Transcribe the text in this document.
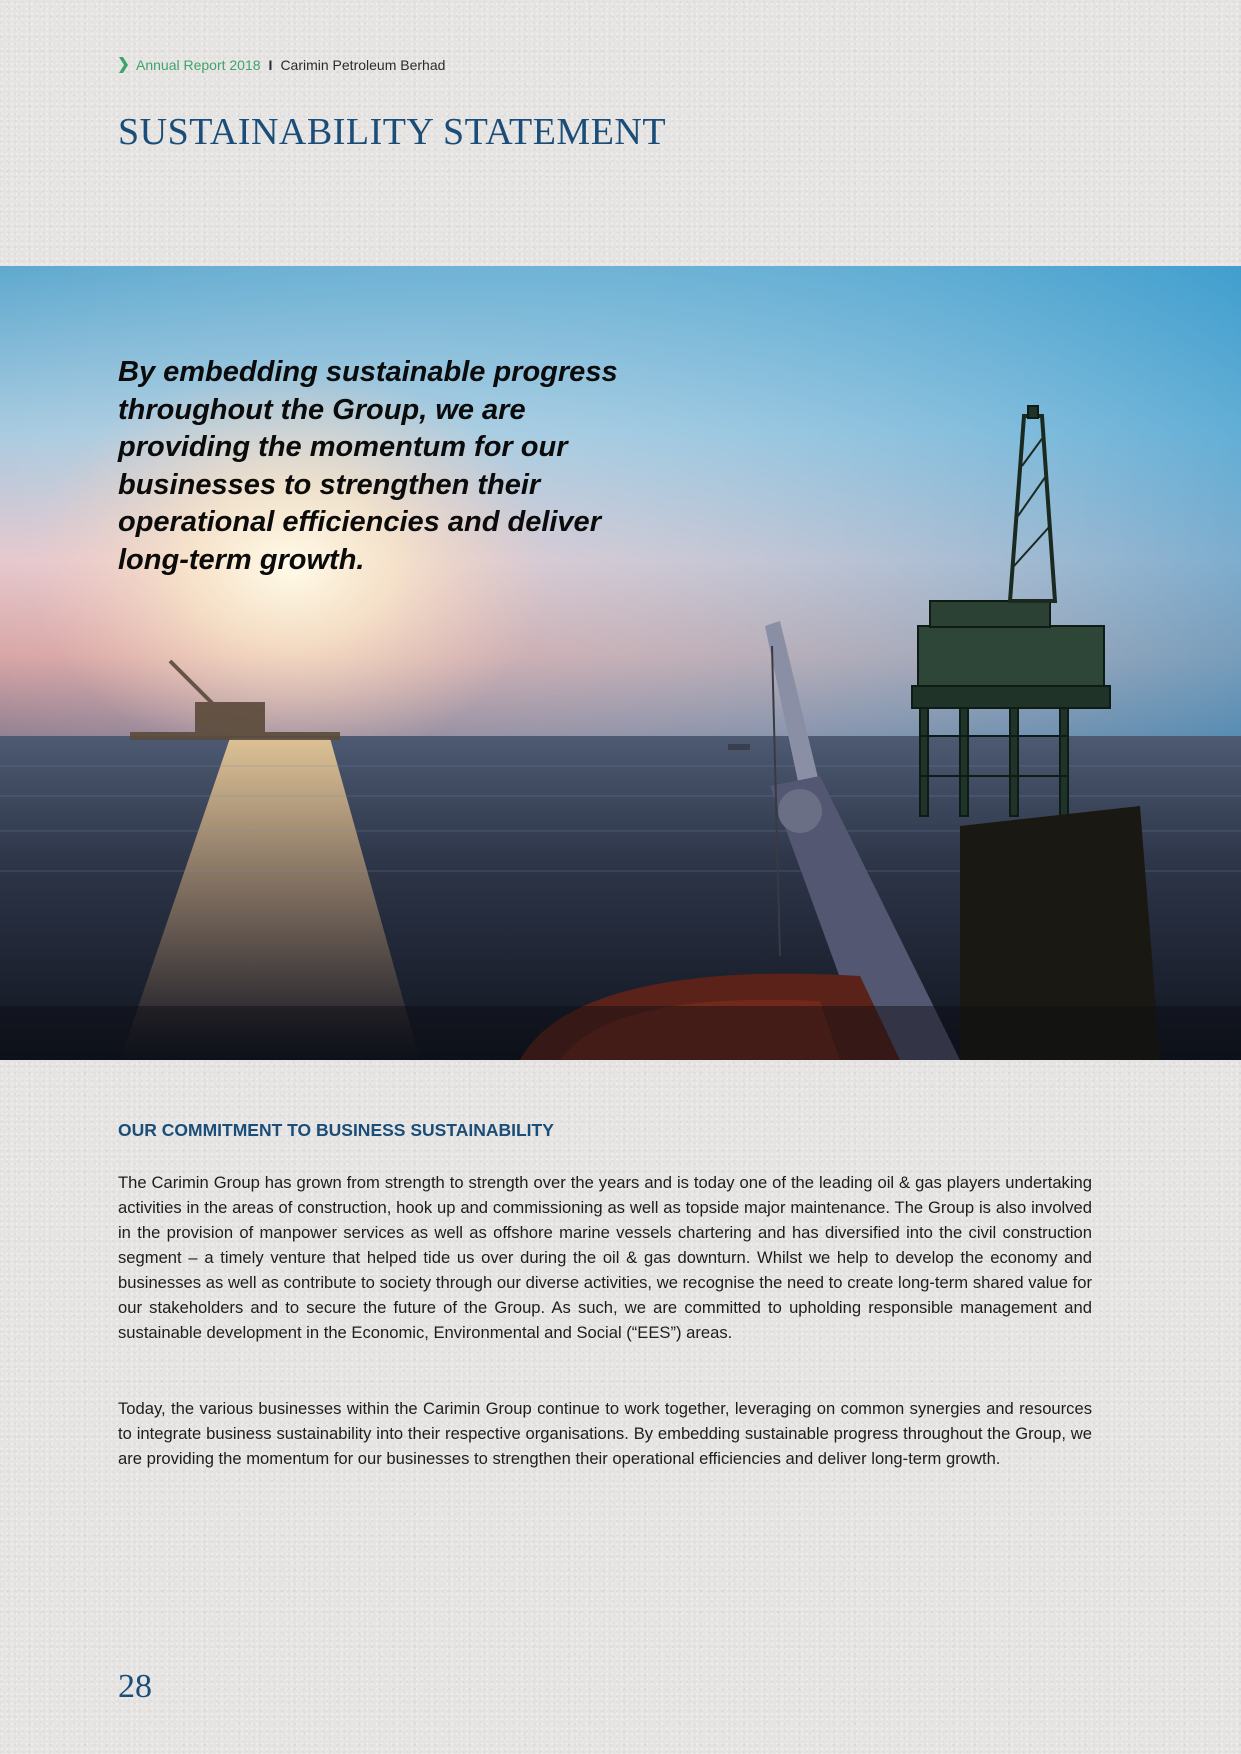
Annual Report 2018 I Carimin Petroleum Berhad
SUSTAINABILITY STATEMENT

By embedding sustainable progress throughout the Group, we are providing the momentum for our businesses to strengthen their operational efficiencies and deliver long-term growth.

OUR COMMITMENT TO BUSINESS SUSTAINABILITY

The Carimin Group has grown from strength to strength over the years and is today one of the leading oil & gas players undertaking activities in the areas of construction, hook up and commissioning as well as topside major maintenance. The Group is also involved in the provision of manpower services as well as offshore marine vessels chartering and has diversified into the civil construction segment – a timely venture that helped tide us over during the oil & gas downturn. Whilst we help to develop the economy and businesses as well as contribute to society through our diverse activities, we recognise the need to create long-term shared value for our stakeholders and to secure the future of the Group. As such, we are committed to upholding responsible management and sustainable development in the Economic, Environmental and Social (“EES”) areas.

Today, the various businesses within the Carimin Group continue to work together, leveraging on common synergies and resources to integrate business sustainability into their respective organisations. By embedding sustainable progress throughout the Group, we are providing the momentum for our businesses to strengthen their operational efficiencies and deliver long-term growth.

28
